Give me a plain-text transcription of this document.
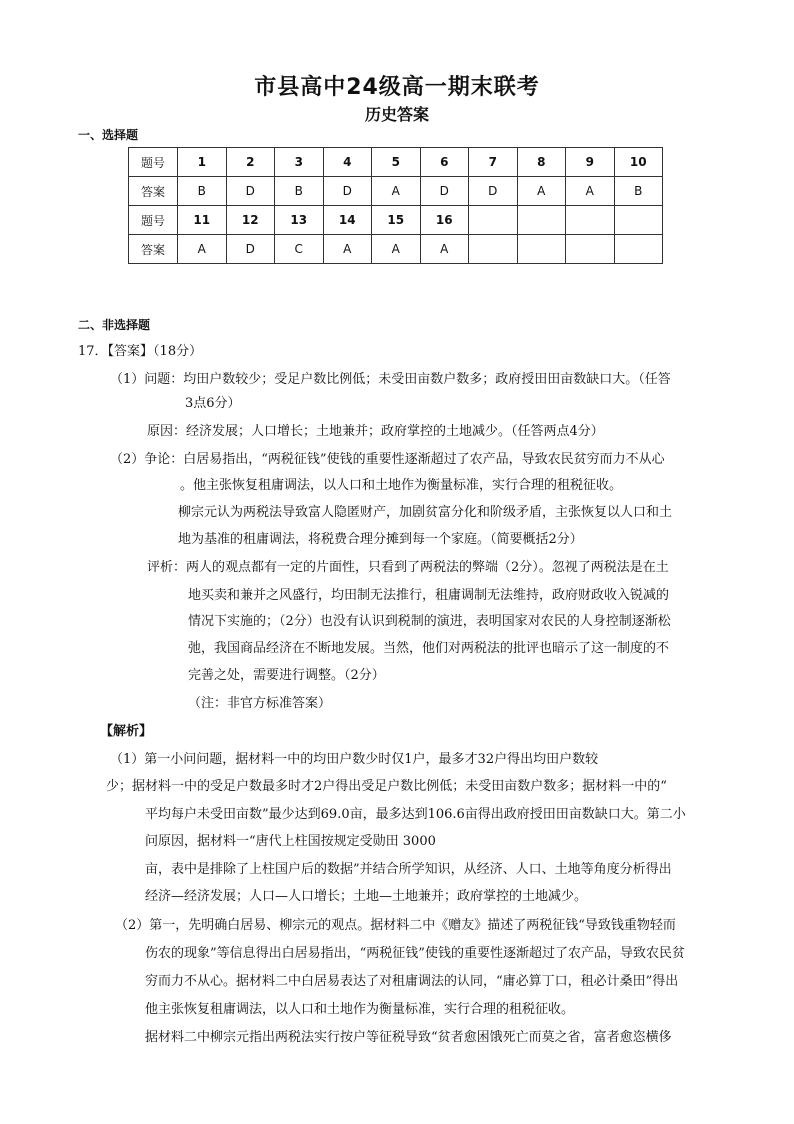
市县高中24级高一期末联考
历史答案
一、选择题
题号	1	2	3	4	5	6	7	8	9	10
答案	B	D	B	D	A	D	D	A	A	B
题号	11	12	13	14	15	16				
答案	A	D	C	A	A	A				
二、非选择题
17．【答案】（18分）
（1）问题：均田户数较少；受足户数比例低；未受田亩数户数多；政府授田田亩数缺口大。（任答
3点6分）
原因：经济发展；人口增长；土地兼并；政府掌控的土地减少。（任答两点4分）
（2）争论：白居易指出，“两税征钱”使钱的重要性逐渐超过了农产品，导致农民贫穷而力不从心
。他主张恢复租庸调法，以人口和土地作为衡量标准，实行合理的租税征收。
柳宗元认为两税法导致富人隐匿财产，加剧贫富分化和阶级矛盾，主张恢复以人口和土
地为基准的租庸调法，将税费合理分摊到每一个家庭。（简要概括2分）
评析：两人的观点都有一定的片面性，只看到了两税法的弊端（2分）。忽视了两税法是在土
地买卖和兼并之风盛行，均田制无法推行，租庸调制无法维持，政府财政收入锐减的
情况下实施的；（2分）也没有认识到税制的演进，表明国家对农民的人身控制逐渐松
弛，我国商品经济在不断地发展。当然，他们对两税法的批评也暗示了这一制度的不
完善之处，需要进行调整。（2分）
（注：非官方标准答案）
【解析】
（1）第一小问问题，据材料一中的均田户数少时仅1户，最多才32户得出均田户数较
少；据材料一中的受足户数最多时才2户得出受足户数比例低；未受田亩数户数多；据材料一中的“
平均每户未受田亩数”最少达到69.0亩，最多达到106.6亩得出政府授田田亩数缺口大。第二小
问原因，据材料一“唐代上柱国按规定受勋田 3000
亩，表中是排除了上柱国户后的数据”并结合所学知识，从经济、人口、土地等角度分析得出
经济—经济发展；人口—人口增长；土地—土地兼并；政府掌控的土地减少。
（2）第一，先明确白居易、柳宗元的观点。据材料二中《赠友》描述了两税征钱“导致钱重物轻而
伤农的现象”等信息得出白居易指出，“两税征钱”使钱的重要性逐渐超过了农产品，导致农民贫
穷而力不从心。据材料二中白居易表达了对租庸调法的认同，“庸必算丁口，租必计桑田”得出
他主张恢复租庸调法，以人口和土地作为衡量标准，实行合理的租税征收。
据材料二中柳宗元指出两税法实行按户等征税导致“贫者愈困饿死亡而莫之省，富者愈恣横侈
